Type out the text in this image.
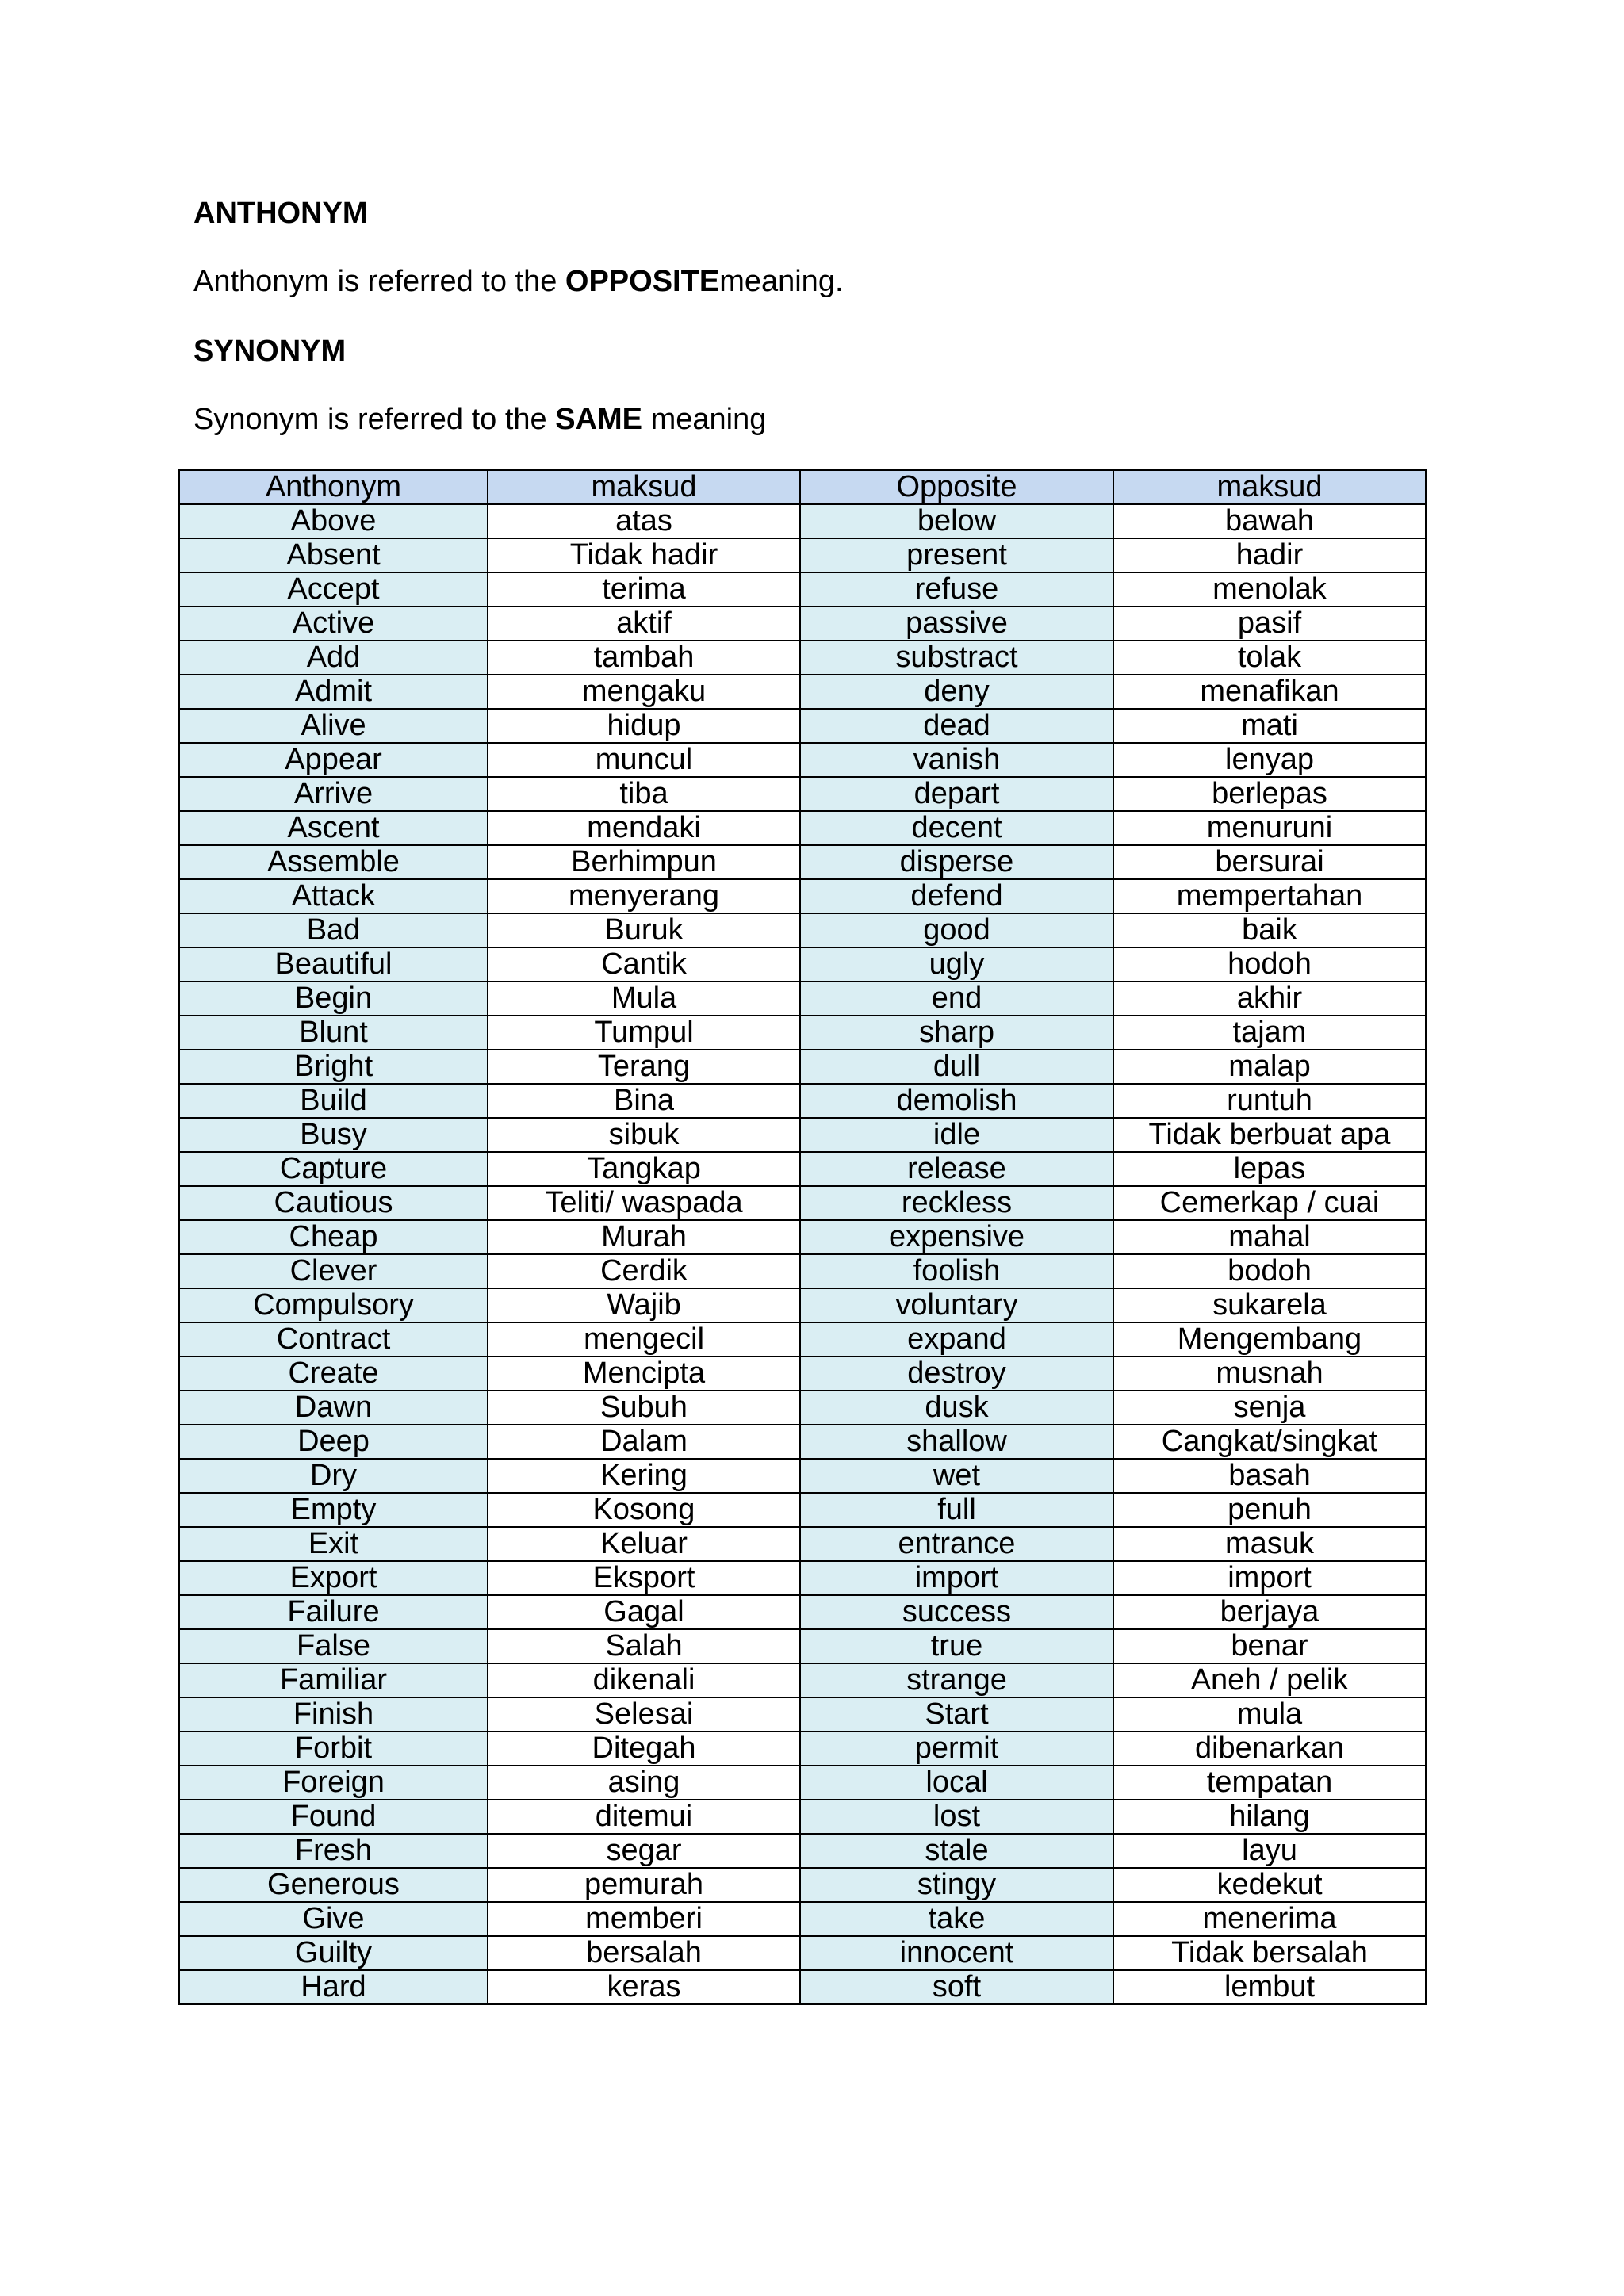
ANTHONYM

Anthonym is referred to the OPPOSITEmeaning.

SYNONYM

Synonym is referred to the SAME meaning

Anthonym	maksud	Opposite	maksud
Above	atas	below	bawah
Absent	Tidak hadir	present	hadir
Accept	terima	refuse	menolak
Active	aktif	passive	pasif
Add	tambah	substract	tolak
Admit	mengaku	deny	menafikan
Alive	hidup	dead	mati
Appear	muncul	vanish	lenyap
Arrive	tiba	depart	berlepas
Ascent	mendaki	decent	menuruni
Assemble	Berhimpun	disperse	bersurai
Attack	menyerang	defend	mempertahan
Bad	Buruk	good	baik
Beautiful	Cantik	ugly	hodoh
Begin	Mula	end	akhir
Blunt	Tumpul	sharp	tajam
Bright	Terang	dull	malap
Build	Bina	demolish	runtuh
Busy	sibuk	idle	Tidak berbuat apa
Capture	Tangkap	release	lepas
Cautious	Teliti/ waspada	reckless	Cemerkap / cuai
Cheap	Murah	expensive	mahal
Clever	Cerdik	foolish	bodoh
Compulsory	Wajib	voluntary	sukarela
Contract	mengecil	expand	Mengembang
Create	Mencipta	destroy	musnah
Dawn	Subuh	dusk	senja
Deep	Dalam	shallow	Cangkat/singkat
Dry	Kering	wet	basah
Empty	Kosong	full	penuh
Exit	Keluar	entrance	masuk
Export	Eksport	import	import
Failure	Gagal	success	berjaya
False	Salah	true	benar
Familiar	dikenali	strange	Aneh / pelik
Finish	Selesai	Start	mula
Forbit	Ditegah	permit	dibenarkan
Foreign	asing	local	tempatan
Found	ditemui	lost	hilang
Fresh	segar	stale	layu
Generous	pemurah	stingy	kedekut
Give	memberi	take	menerima
Guilty	bersalah	innocent	Tidak bersalah
Hard	keras	soft	lembut
